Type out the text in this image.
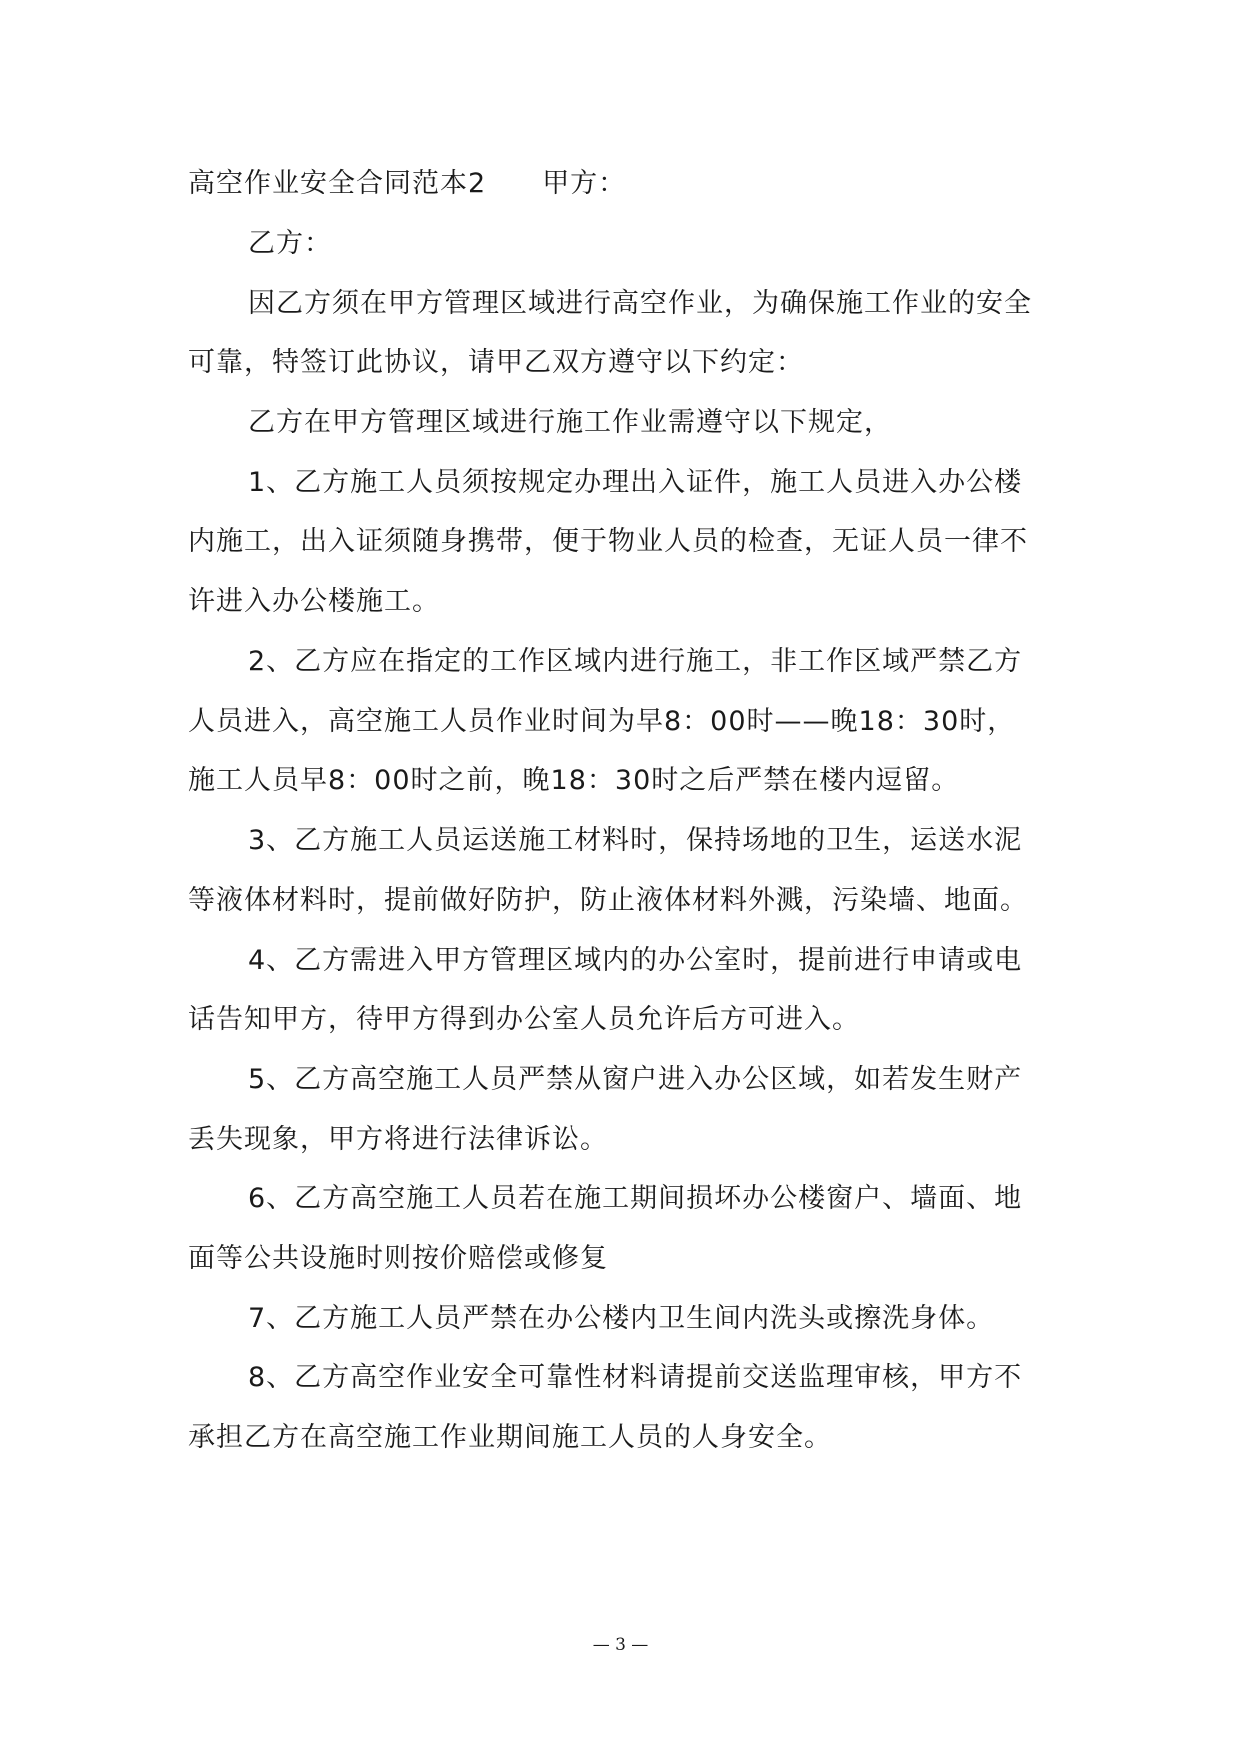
高空作业安全合同范本2 甲方：
乙方：
因乙方须在甲方管理区域进行高空作业，为确保施工作业的安全
可靠，特签订此协议，请甲乙双方遵守以下约定：
乙方在甲方管理区域进行施工作业需遵守以下规定，
1、乙方施工人员须按规定办理出入证件，施工人员进入办公楼
内施工，出入证须随身携带，便于物业人员的检查，无证人员一律不
许进入办公楼施工。
2、乙方应在指定的工作区域内进行施工，非工作区域严禁乙方
人员进入，高空施工人员作业时间为早8：00时——晚18：30时，
施工人员早8：00时之前，晚18：30时之后严禁在楼内逗留。
3、乙方施工人员运送施工材料时，保持场地的卫生，运送水泥
等液体材料时，提前做好防护，防止液体材料外溅，污染墙、地面。
4、乙方需进入甲方管理区域内的办公室时，提前进行申请或电
话告知甲方，待甲方得到办公室人员允许后方可进入。
5、乙方高空施工人员严禁从窗户进入办公区域，如若发生财产
丢失现象，甲方将进行法律诉讼。
6、乙方高空施工人员若在施工期间损坏办公楼窗户、墙面、地
面等公共设施时则按价赔偿或修复
7、乙方施工人员严禁在办公楼内卫生间内洗头或擦洗身体。
8、乙方高空作业安全可靠性材料请提前交送监理审核，甲方不
承担乙方在高空施工作业期间施工人员的人身安全。
— 3 —
